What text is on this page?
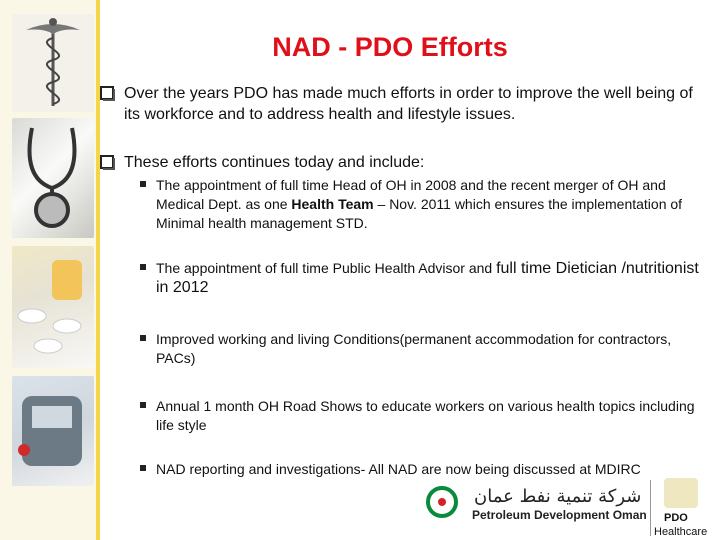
NAD - PDO Efforts
Over the years PDO has made much efforts in order to improve the well being of its workforce and to address health and lifestyle issues.
These efforts continues today and include:
The appointment of full time Head of OH in 2008 and the recent merger of OH and Medical Dept. as one Health Team – Nov. 2011 which ensures the implementation of Minimal health management STD.
The appointment of full time Public Health Advisor and full time Dietician /nutritionist in 2012
Improved working and living Conditions(permanent accommodation for contractors, PACs)
Annual 1 month OH Road Shows to educate workers on various health topics including life style
NAD reporting and investigations- All NAD are now being discussed at MDIRC
شركة تنمية نفط عمان
Petroleum Development Oman PDO
Healthcare
